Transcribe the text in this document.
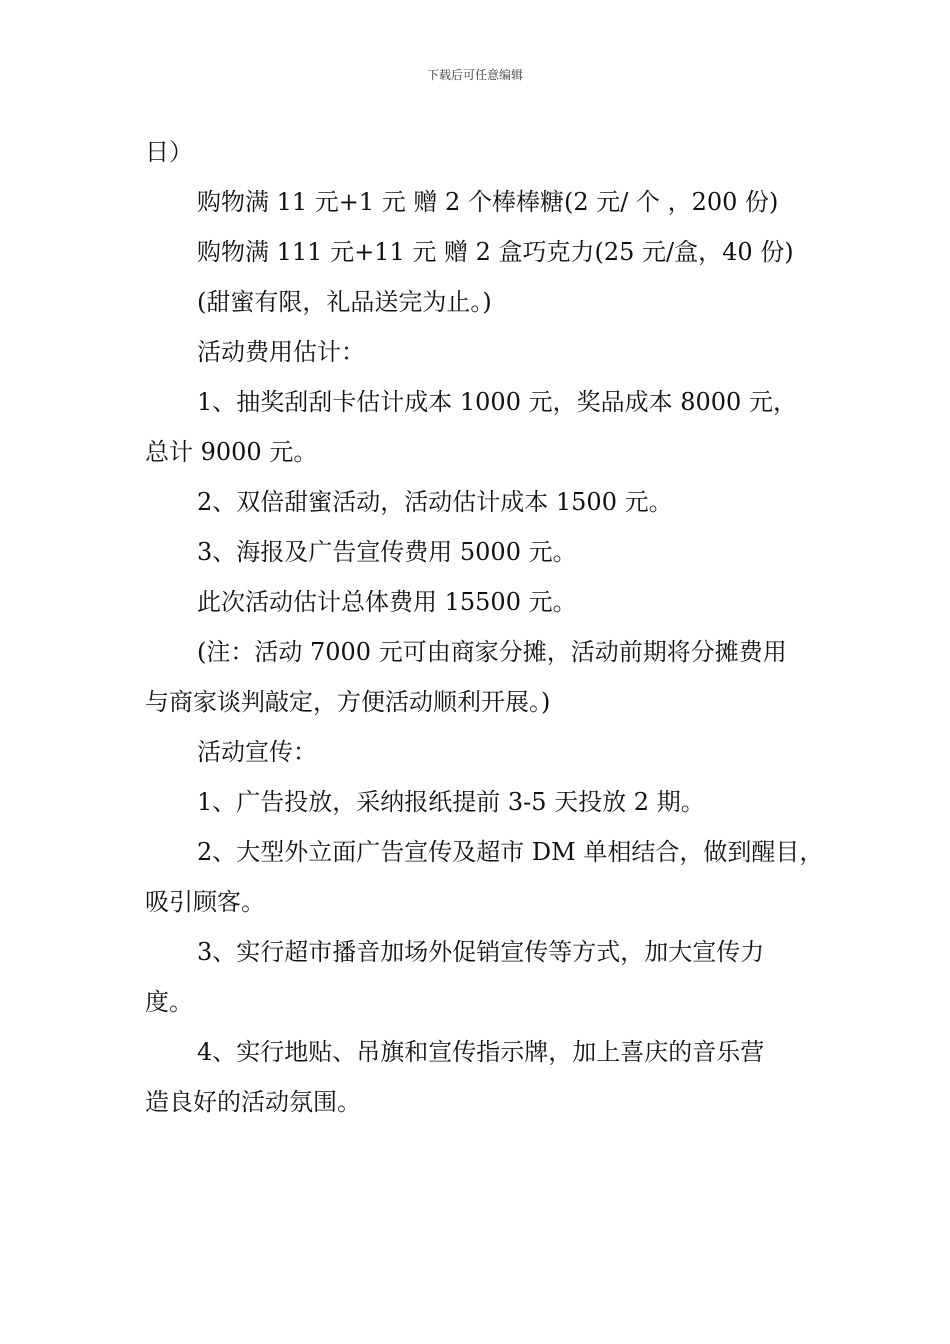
下载后可任意编辑
日）
购物满 11 元+1 元 赠 2 个棒棒糖(2 元/ 个 ，200 份)
购物满 111 元+11 元 赠 2 盒巧克力(25 元/盒，40 份)
(甜蜜有限，礼品送完为止。)
活动费用估计：
1、抽奖刮刮卡估计成本 1000 元，奖品成本 8000 元，
总计 9000 元。
2、双倍甜蜜活动，活动估计成本 1500 元。
3、海报及广告宣传费用 5000 元。
此次活动估计总体费用 15500 元。
(注：活动 7000 元可由商家分摊，活动前期将分摊费用
与商家谈判敲定，方便活动顺利开展。)
活动宣传：
1、广告投放，采纳报纸提前 3-5 天投放 2 期。
2、大型外立面广告宣传及超市 DM 单相结合，做到醒目，
吸引顾客。
3、实行超市播音加场外促销宣传等方式，加大宣传力
度。
4、实行地贴、吊旗和宣传指示牌，加上喜庆的音乐营
造良好的活动氛围。
